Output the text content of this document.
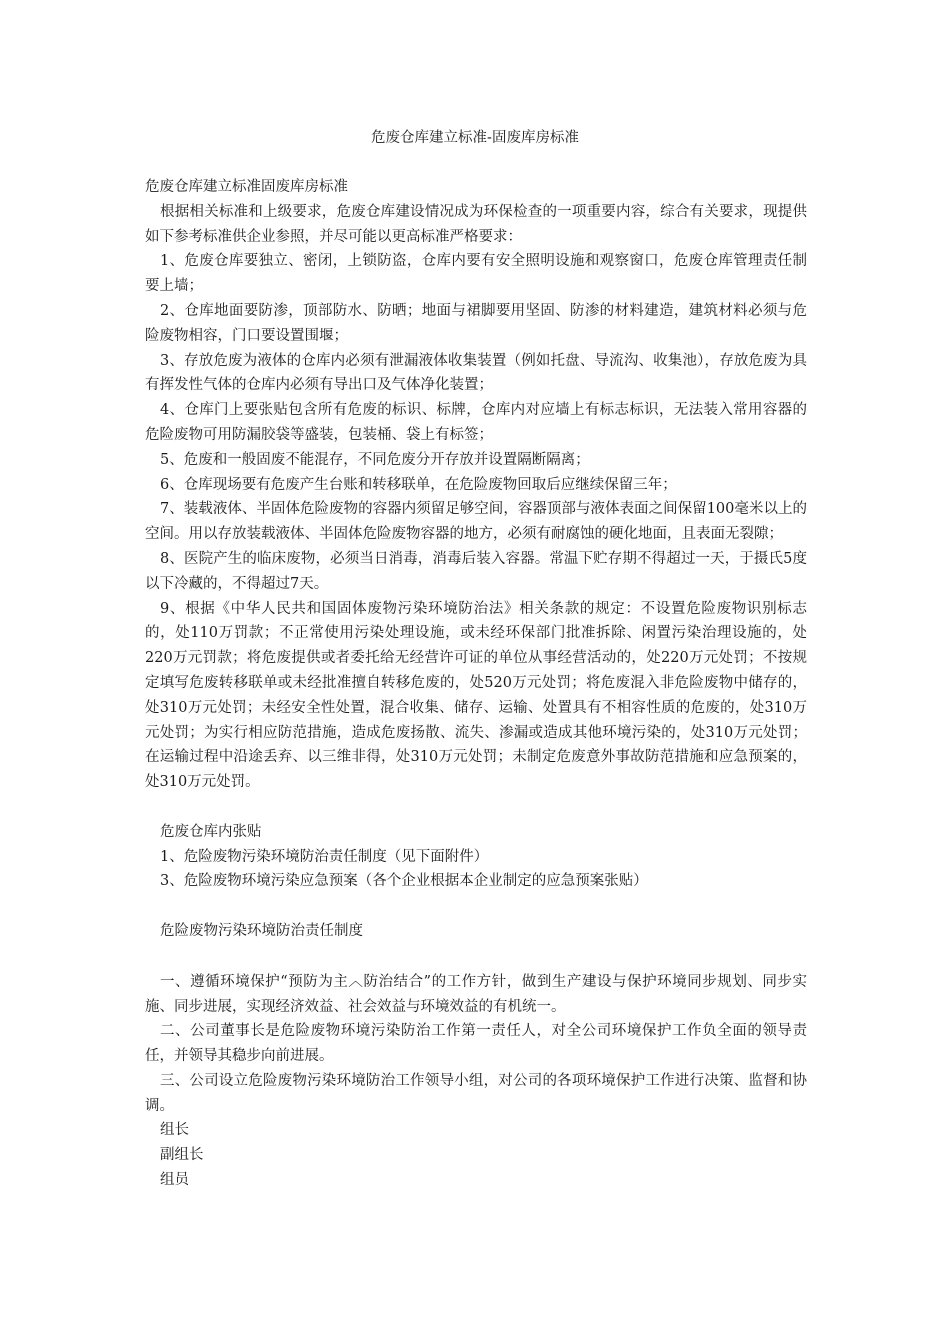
危废仓库建立标准-固废库房标准

危废仓库建立标准固废库房标准

根据相关标准和上级要求，危废仓库建设情况成为环保检查的一项重要内容，综合有关要求，现提供如下参考标准供企业参照，并尽可能以更高标准严格要求：

1、危废仓库要独立、密闭，上锁防盗，仓库内要有安全照明设施和观察窗口，危废仓库管理责任制要上墙；

2、仓库地面要防渗，顶部防水、防晒；地面与裙脚要用坚固、防渗的材料建造，建筑材料必须与危险废物相容，门口要设置围堰；

3、存放危废为液体的仓库内必须有泄漏液体收集装置（例如托盘、导流沟、收集池），存放危废为具有挥发性气体的仓库内必须有导出口及气体净化装置；

4、仓库门上要张贴包含所有危废的标识、标牌，仓库内对应墙上有标志标识，无法装入常用容器的危险废物可用防漏胶袋等盛装，包装桶、袋上有标签；

5、危废和一般固废不能混存，不同危废分开存放并设置隔断隔离；

6、仓库现场要有危废产生台账和转移联单，在危险废物回取后应继续保留三年；

7、装载液体、半固体危险废物的容器内须留足够空间，容器顶部与液体表面之间保留100毫米以上的空间。用以存放装载液体、半固体危险废物容器的地方，必须有耐腐蚀的硬化地面，且表面无裂隙；

8、医院产生的临床废物，必须当日消毒，消毒后装入容器。常温下贮存期不得超过一天，于摄氏5度以下冷藏的，不得超过7天。

9、根据《中华人民共和国固体废物污染环境防治法》相关条款的规定：不设置危险废物识别标志的，处110万罚款；不正常使用污染处理设施，或未经环保部门批准拆除、闲置污染治理设施的，处220万元罚款；将危废提供或者委托给无经营许可证的单位从事经营活动的，处220万元处罚；不按规定填写危废转移联单或未经批准擅自转移危废的，处520万元处罚；将危废混入非危险废物中储存的，处310万元处罚；未经安全性处置，混合收集、储存、运输、处置具有不相容性质的危废的，处310万元处罚；为实行相应防范措施，造成危废扬散、流失、渗漏或造成其他环境污染的，处310万元处罚；在运输过程中沿途丢弃、以三维非得，处310万元处罚；未制定危废意外事故防范措施和应急预案的，处310万元处罚。

危废仓库内张贴

1、危险废物污染环境防治责任制度（见下面附件）

3、危险废物环境污染应急预案（各个企业根据本企业制定的应急预案张贴）

危险废物污染环境防治责任制度

一、遵循环境保护“预防为主︿防治结合”的工作方针，做到生产建设与保护环境同步规划、同步实施、同步进展，实现经济效益、社会效益与环境效益的有机统一。

二、公司董事长是危险废物环境污染防治工作第一责任人，对全公司环境保护工作负全面的领导责任，并领导其稳步向前进展。

三、公司设立危险废物污染环境防治工作领导小组，对公司的各项环境保护工作进行决策、监督和协调。

组长

副组长

组员
